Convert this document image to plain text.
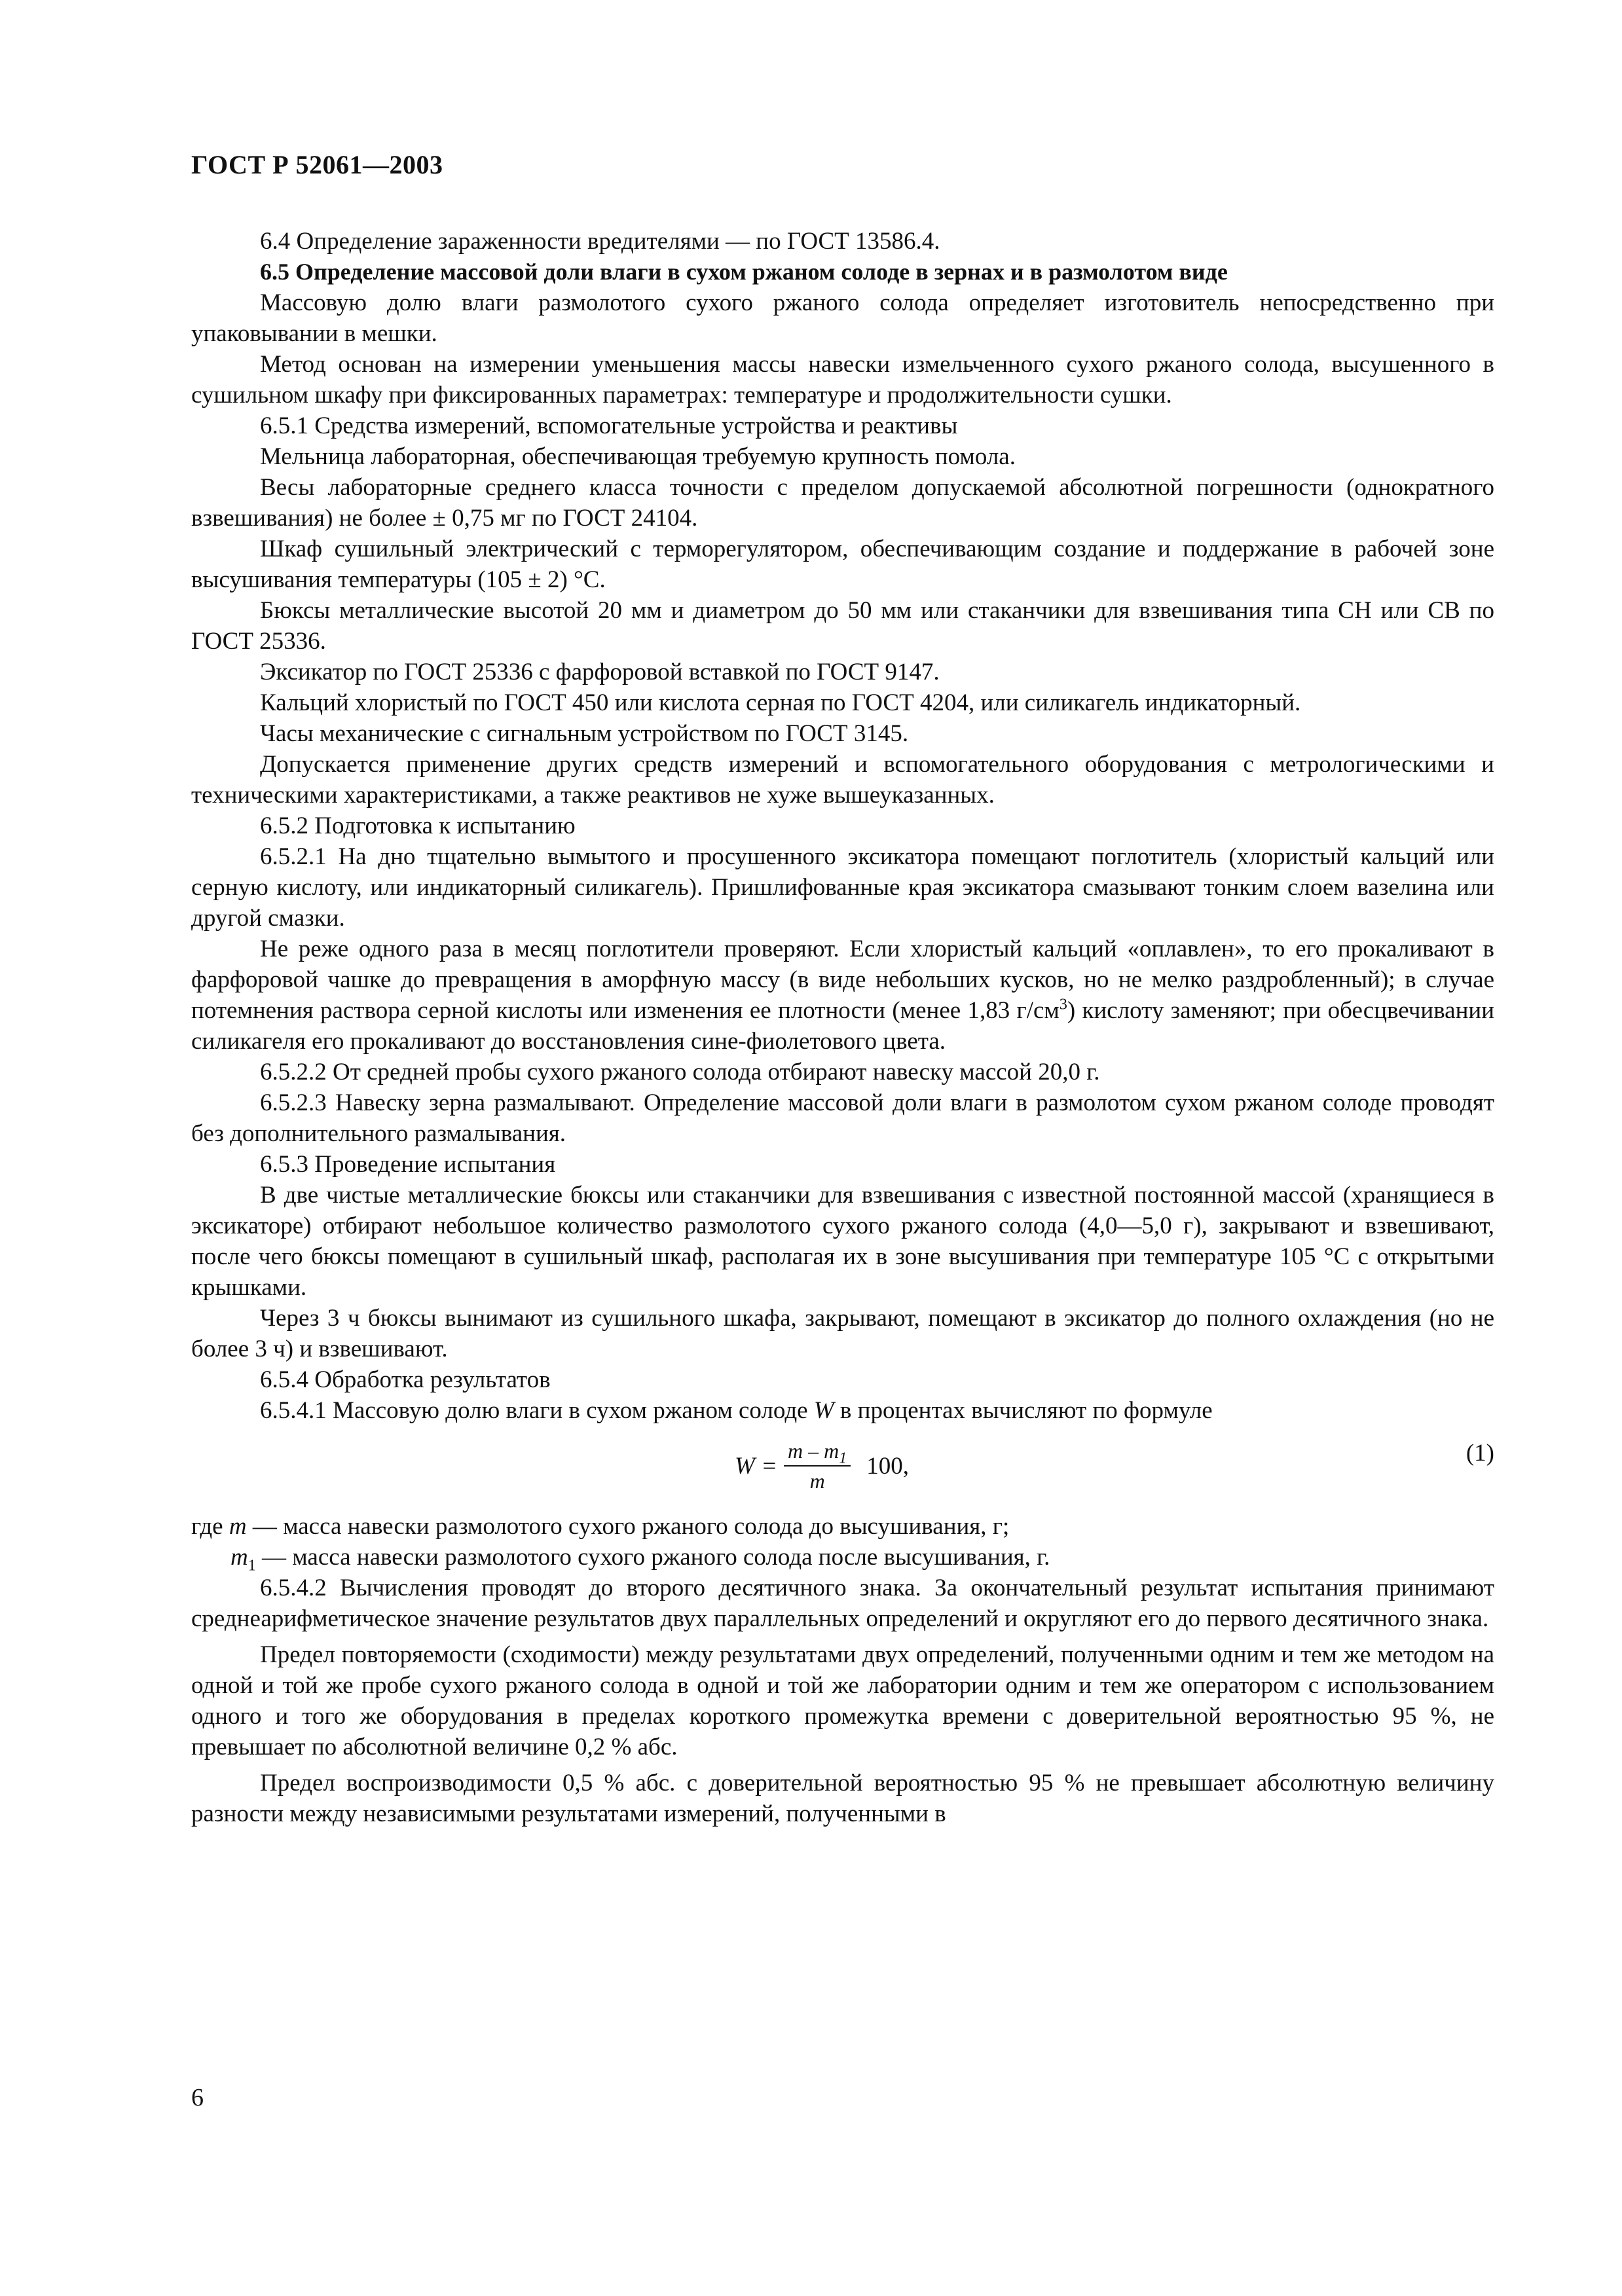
ГОСТ Р 52061—2003

6.4 Определение зараженности вредителями — по ГОСТ 13586.4.

6.5 Определение массовой доли влаги в сухом ржаном солоде в зернах и в размолотом виде

Массовую долю влаги размолотого сухого ржаного солода определяет изготовитель непосредственно при упаковывании в мешки.

Метод основан на измерении уменьшения массы навески измельченного сухого ржаного солода, высушенного в сушильном шкафу при фиксированных параметрах: температуре и продолжительности сушки.

6.5.1 Средства измерений, вспомогательные устройства и реактивы

Мельница лабораторная, обеспечивающая требуемую крупность помола.

Весы лабораторные среднего класса точности с пределом допускаемой абсолютной погрешности (однократного взвешивания) не более ± 0,75 мг по ГОСТ 24104.

Шкаф сушильный электрический с терморегулятором, обеспечивающим создание и поддержание в рабочей зоне высушивания температуры (105 ± 2) °С.

Бюксы металлические высотой 20 мм и диаметром до 50 мм или стаканчики для взвешивания типа СН или СВ по ГОСТ 25336.

Эксикатор по ГОСТ 25336 с фарфоровой вставкой по ГОСТ 9147.

Кальций хлористый по ГОСТ 450 или кислота серная по ГОСТ 4204, или силикагель индикаторный.

Часы механические с сигнальным устройством по ГОСТ 3145.

Допускается применение других средств измерений и вспомогательного оборудования с метрологическими и техническими характеристиками, а также реактивов не хуже вышеуказанных.

6.5.2 Подготовка к испытанию

6.5.2.1 На дно тщательно вымытого и просушенного эксикатора помещают поглотитель (хлористый кальций или серную кислоту, или индикаторный силикагель). Пришлифованные края эксикатора смазывают тонким слоем вазелина или другой смазки.

Не реже одного раза в месяц поглотители проверяют. Если хлористый кальций «оплавлен», то его прокаливают в фарфоровой чашке до превращения в аморфную массу (в виде небольших кусков, но не мелко раздробленный); в случае потемнения раствора серной кислоты или изменения ее плотности (менее 1,83 $г/см^3$) кислоту заменяют; при обесцвечивании силикагеля его прокаливают до восстановления сине-фиолетового цвета.

6.5.2.2 От средней пробы сухого ржаного солода отбирают навеску массой 20,0 г.

6.5.2.3 Навеску зерна размалывают. Определение массовой доли влаги в размолотом сухом ржаном солоде проводят без дополнительного размалывания.

6.5.3 Проведение испытания

В две чистые металлические бюксы или стаканчики для взвешивания с известной постоянной массой (хранящиеся в эксикаторе) отбирают небольшое количество размолотого сухого ржаного солода (4,0—5,0 г), закрывают и взвешивают, после чего бюксы помещают в сушильный шкаф, располагая их в зоне высушивания при температуре 105 °С с открытыми крышками.

Через 3 ч бюксы вынимают из сушильного шкафа, закрывают, помещают в эксикатор до полного охлаждения (но не более 3 ч) и взвешивают.

6.5.4 Обработка результатов

6.5.4.1 Массовую долю влаги в сухом ржаном солоде W в процентах вычисляют по формуле

$W = \frac{m - m_1}{m} 100$,	(1)

где m — масса навески размолотого сухого ржаного солода до высушивания, г;

$m_1$ — масса навески размолотого сухого ржаного солода после высушивания, г.

6.5.4.2 Вычисления проводят до второго десятичного знака. За окончательный результат испытания принимают среднеарифметическое значение результатов двух параллельных определений и округляют его до первого десятичного знака.

Предел повторяемости (сходимости) между результатами двух определений, полученными одним и тем же методом на одной и той же пробе сухого ржаного солода в одной и той же лаборатории одним и тем же оператором с использованием одного и того же оборудования в пределах короткого промежутка времени с доверительной вероятностью 95 %, не превышает по абсолютной величине 0,2 % абс.

Предел воспроизводимости 0,5 % абс. с доверительной вероятностью 95 % не превышает абсолютную величину разности между независимыми результатами измерений, полученными в

6
